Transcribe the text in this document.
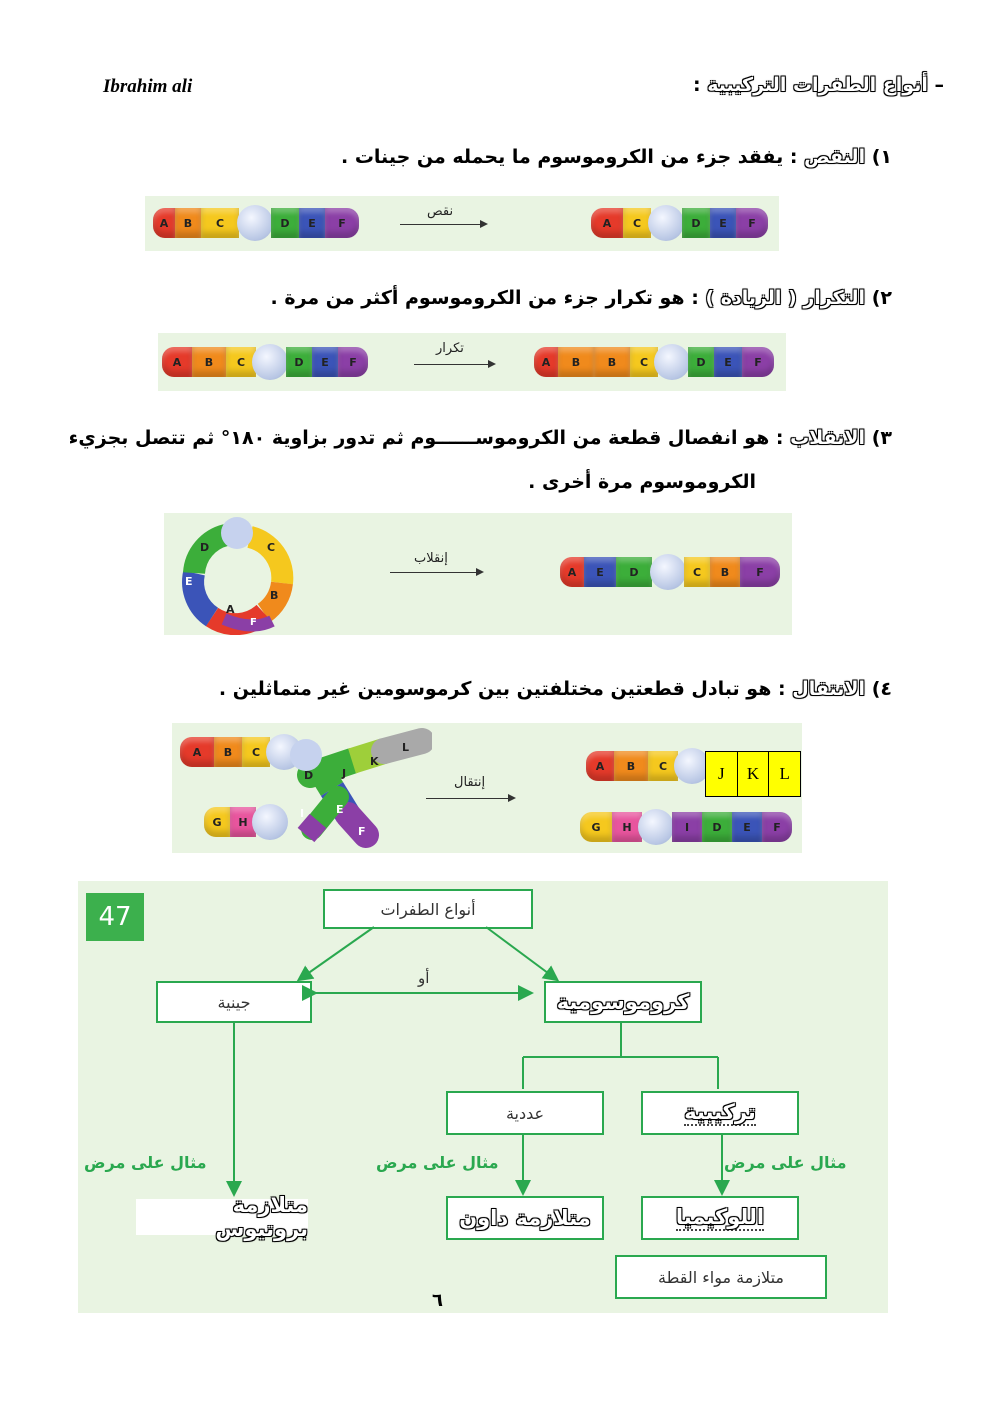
Ibrahim ali	– أنواع الطفرات التركيبية :
١) النقص : يفقد جزء من الكروموسوم ما يحمله من جينات .
A	B	C	D	E	F
نقص
A	C	D	E	F
٢) التكرار ( الزيادة ) : هو تكرار جزء من الكروموسوم أكثر من مرة .
A	B	C	D	E	F
تكرار
A	B	B	C	D	E	F
٣) الانقلاب : هو انفصال قطعة من الكروموســــــوم ثم تدور بزاوية ١٨٠° ثم تتصل بجزيء
الكروموسوم مرة أخرى .
C
D
E
B
A
F
إنقلاب
A	E	D	C	B	F
٤) الانتقال : هو تبادل قطعتين مختلفتين بين كرموسومين غير متماثلين .
A	B	C
D	J
K
L
I	E
F
G	H
إنتقال
A	B	C	J	K	L
G	H	I	D	E	F
47	أنواع الطفرات
جينية	كروموسومية
عددية	تركيبية
متلازمة بروتيوس	متلازمة داون	اللوكيميا
متلازمة مواء القطة
مثال على مرض	مثال على مرض	مثال على مرض
أو
٦
